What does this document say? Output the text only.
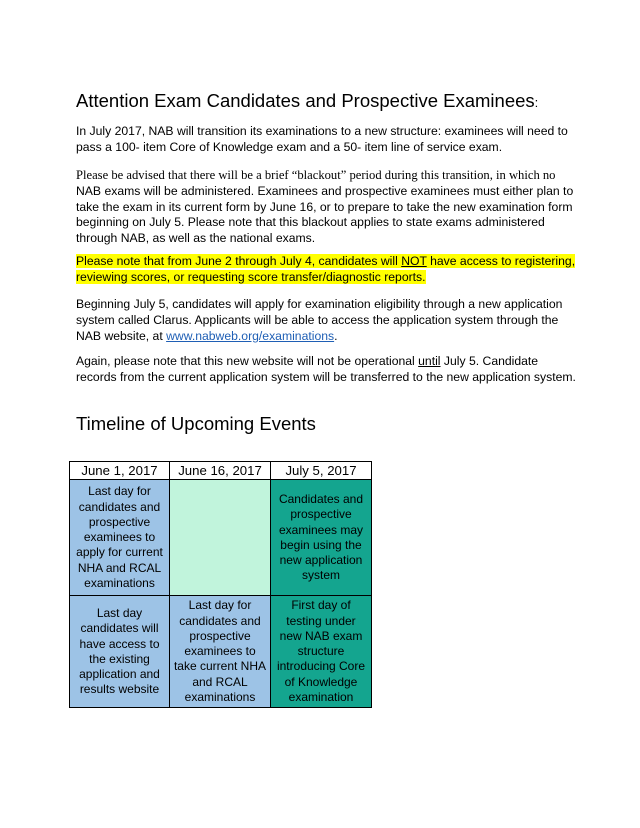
Attention Exam Candidates and Prospective Examinees:

In July 2017, NAB will transition its examinations to a new structure: examinees will need to pass a 100- item Core of Knowledge exam and a 50- item line of service exam.

Please be advised that there will be a brief “blackout” period during this transition, in which no NAB exams will be administered. Examinees and prospective examinees must either plan to take the exam in its current form by June 16, or to prepare to take the new examination form beginning on July 5. Please note that this blackout applies to state exams administered through NAB, as well as the national exams.

Please note that from June 2 through July 4, candidates will NOT have access to registering, reviewing scores, or requesting score transfer/diagnostic reports.

Beginning July 5, candidates will apply for examination eligibility through a new application system called Clarus. Applicants will be able to access the application system through the NAB website, at www.nabweb.org/examinations.

Again, please note that this new website will not be operational until July 5. Candidate records from the current application system will be transferred to the new application system.

Timeline of Upcoming Events
June 1, 2017	June 16, 2017	July 5, 2017
Last day for candidates and prospective examinees to apply for current NHA and RCAL examinations		Candidates and prospective examinees may begin using the new application system
Last day candidates will have access to the existing application and results website	Last day for candidates and prospective examinees to take current NHA and RCAL examinations	First day of testing under new NAB exam structure introducing Core of Knowledge examination
